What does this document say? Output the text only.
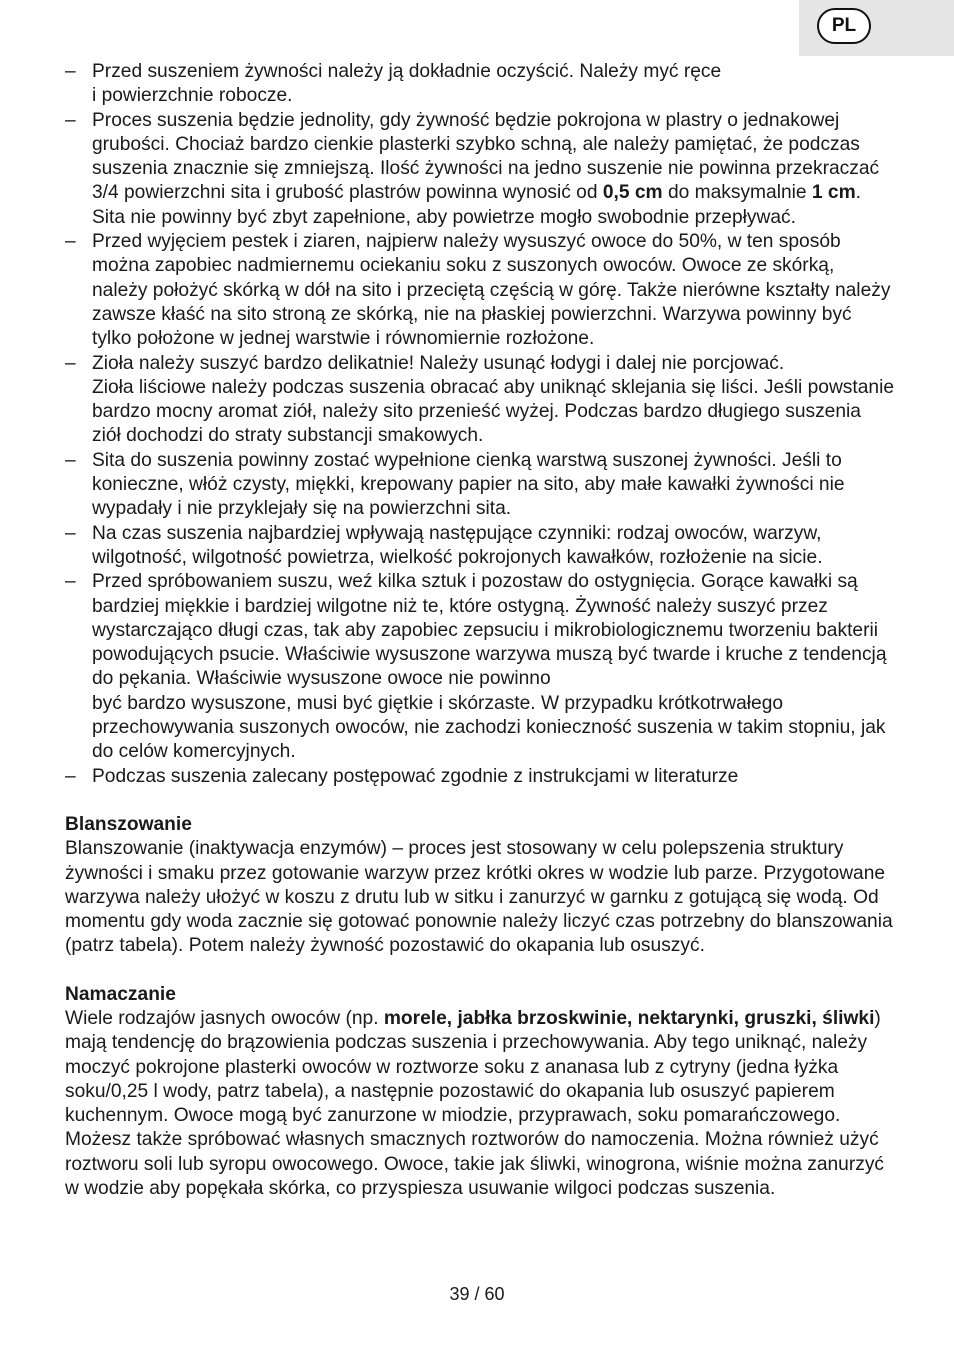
PL
– Przed suszeniem żywności należy ją dokładnie oczyścić. Należy myć ręce
i powierzchnie robocze.
– Proces suszenia będzie jednolity, gdy żywność będzie pokrojona w plastry o jednakowej grubości. Chociaż bardzo cienkie plasterki szybko schną, ale należy pamiętać, że podczas suszenia znacznie się zmniejszą. Ilość żywności na jedno suszenie nie powinna przekraczać 3/4 powierzchni sita i grubość plastrów powinna wynosić od 0,5 cm do maksymalnie 1 cm. Sita nie powinny być zbyt zapełnione, aby powietrze mogło swobodnie przepływać.
– Przed wyjęciem pestek i ziaren, najpierw należy wysuszyć owoce do 50%, w ten sposób można zapobiec nadmiernemu ociekaniu soku z suszonych owoców. Owoce ze skórką, należy położyć skórką w dół na sito i przeciętą częścią w górę. Także nierówne kształty należy zawsze kłaść na sito stroną ze skórką, nie na płaskiej powierzchni. Warzywa powinny być tylko położone w jednej warstwie i równomiernie rozłożone.
– Zioła należy suszyć bardzo delikatnie! Należy usunąć łodygi i dalej nie porcjować.
Zioła liściowe należy podczas suszenia obracać aby uniknąć sklejania się liści. Jeśli powstanie bardzo mocny aromat ziół, należy sito przenieść wyżej. Podczas bardzo długiego suszenia ziół dochodzi do straty substancji smakowych.
– Sita do suszenia powinny zostać wypełnione cienką warstwą suszonej żywności. Jeśli to konieczne, włóż czysty, miękki, krepowany papier na sito, aby małe kawałki żywności nie wypadały i nie przyklejały się na powierzchni sita.
– Na czas suszenia najbardziej wpływają następujące czynniki: rodzaj owoców, warzyw, wilgotność, wilgotność powietrza, wielkość pokrojonych kawałków, rozłożenie na sicie.
– Przed spróbowaniem suszu, weź kilka sztuk i pozostaw do ostygnięcia. Gorące kawałki są bardziej miękkie i bardziej wilgotne niż te, które ostygną. Żywność należy suszyć przez wystarczająco długi czas, tak aby zapobiec zepsuciu i mikrobiologicznemu tworzeniu bakterii powodujących psucie. Właściwie wysuszone warzywa muszą być twarde i kruche z tendencją do pękania. Właściwie wysuszone owoce nie powinno
być bardzo wysuszone, musi być giętkie i skórzaste. W przypadku krótkotrwałego przechowywania suszonych owoców, nie zachodzi konieczność suszenia w takim stopniu, jak do celów komercyjnych.
– Podczas suszenia zalecany postępować zgodnie z instrukcjami w literaturze
Blanszowanie

Blanszowanie (inaktywacja enzymów) – proces jest stosowany w celu polepszenia struktury żywności i smaku przez gotowanie warzyw przez krótki okres w wodzie lub parze. Przygotowane warzywa należy ułożyć w koszu z drutu lub w sitku i zanurzyć w garnku z gotującą się wodą. Od momentu gdy woda zacznie się gotować ponownie należy liczyć czas potrzebny do blanszowania (patrz tabela). Potem należy żywność pozostawić do okapania lub osuszyć.

Namaczanie

Wiele rodzajów jasnych owoców (np. morele, jabłka brzoskwinie, nektarynki, gruszki, śliwki) mają tendencję do brązowienia podczas suszenia i przechowywania. Aby tego uniknąć, należy moczyć pokrojone plasterki owoców w roztworze soku z ananasa lub z cytryny (jedna łyżka soku/0,25 l wody, patrz tabela), a następnie pozostawić do okapania lub osuszyć papierem kuchennym. Owoce mogą być zanurzone w miodzie, przyprawach, soku pomarańczowego. Możesz także spróbować własnych smacznych roztworów do namoczenia. Można również użyć roztworu soli lub syropu owocowego. Owoce, takie jak śliwki, winogrona, wiśnie można zanurzyć w wodzie aby popękała skórka, co przyspiesza usuwanie wilgoci podczas suszenia.

39 / 60
